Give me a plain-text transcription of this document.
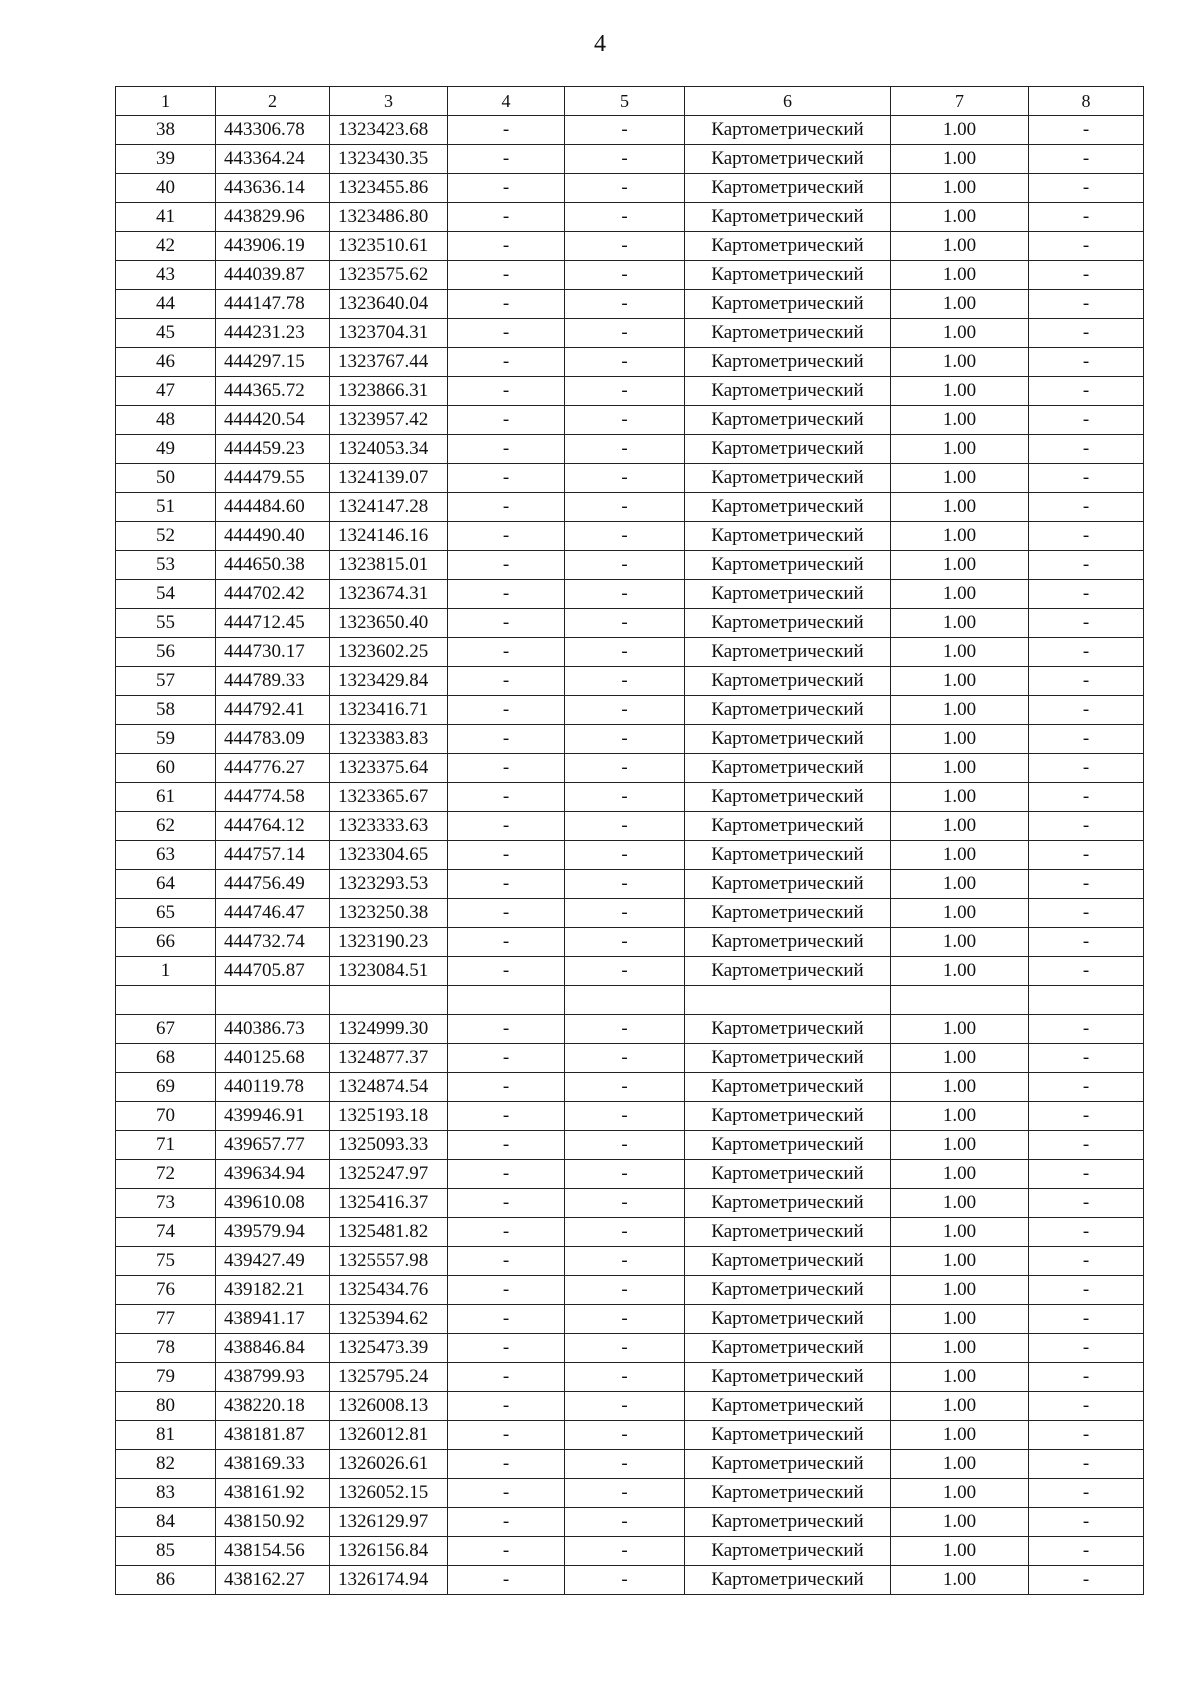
4
1	2	3	4	5	6	7	8
38	443306.78	1323423.68	-	-	Картометрический	1.00	-
39	443364.24	1323430.35	-	-	Картометрический	1.00	-
40	443636.14	1323455.86	-	-	Картометрический	1.00	-
41	443829.96	1323486.80	-	-	Картометрический	1.00	-
42	443906.19	1323510.61	-	-	Картометрический	1.00	-
43	444039.87	1323575.62	-	-	Картометрический	1.00	-
44	444147.78	1323640.04	-	-	Картометрический	1.00	-
45	444231.23	1323704.31	-	-	Картометрический	1.00	-
46	444297.15	1323767.44	-	-	Картометрический	1.00	-
47	444365.72	1323866.31	-	-	Картометрический	1.00	-
48	444420.54	1323957.42	-	-	Картометрический	1.00	-
49	444459.23	1324053.34	-	-	Картометрический	1.00	-
50	444479.55	1324139.07	-	-	Картометрический	1.00	-
51	444484.60	1324147.28	-	-	Картометрический	1.00	-
52	444490.40	1324146.16	-	-	Картометрический	1.00	-
53	444650.38	1323815.01	-	-	Картометрический	1.00	-
54	444702.42	1323674.31	-	-	Картометрический	1.00	-
55	444712.45	1323650.40	-	-	Картометрический	1.00	-
56	444730.17	1323602.25	-	-	Картометрический	1.00	-
57	444789.33	1323429.84	-	-	Картометрический	1.00	-
58	444792.41	1323416.71	-	-	Картометрический	1.00	-
59	444783.09	1323383.83	-	-	Картометрический	1.00	-
60	444776.27	1323375.64	-	-	Картометрический	1.00	-
61	444774.58	1323365.67	-	-	Картометрический	1.00	-
62	444764.12	1323333.63	-	-	Картометрический	1.00	-
63	444757.14	1323304.65	-	-	Картометрический	1.00	-
64	444756.49	1323293.53	-	-	Картометрический	1.00	-
65	444746.47	1323250.38	-	-	Картометрический	1.00	-
66	444732.74	1323190.23	-	-	Картометрический	1.00	-
1	444705.87	1323084.51	-	-	Картометрический	1.00	-

67	440386.73	1324999.30	-	-	Картометрический	1.00	-
68	440125.68	1324877.37	-	-	Картометрический	1.00	-
69	440119.78	1324874.54	-	-	Картометрический	1.00	-
70	439946.91	1325193.18	-	-	Картометрический	1.00	-
71	439657.77	1325093.33	-	-	Картометрический	1.00	-
72	439634.94	1325247.97	-	-	Картометрический	1.00	-
73	439610.08	1325416.37	-	-	Картометрический	1.00	-
74	439579.94	1325481.82	-	-	Картометрический	1.00	-
75	439427.49	1325557.98	-	-	Картометрический	1.00	-
76	439182.21	1325434.76	-	-	Картометрический	1.00	-
77	438941.17	1325394.62	-	-	Картометрический	1.00	-
78	438846.84	1325473.39	-	-	Картометрический	1.00	-
79	438799.93	1325795.24	-	-	Картометрический	1.00	-
80	438220.18	1326008.13	-	-	Картометрический	1.00	-
81	438181.87	1326012.81	-	-	Картометрический	1.00	-
82	438169.33	1326026.61	-	-	Картометрический	1.00	-
83	438161.92	1326052.15	-	-	Картометрический	1.00	-
84	438150.92	1326129.97	-	-	Картометрический	1.00	-
85	438154.56	1326156.84	-	-	Картометрический	1.00	-
86	438162.27	1326174.94	-	-	Картометрический	1.00	-
